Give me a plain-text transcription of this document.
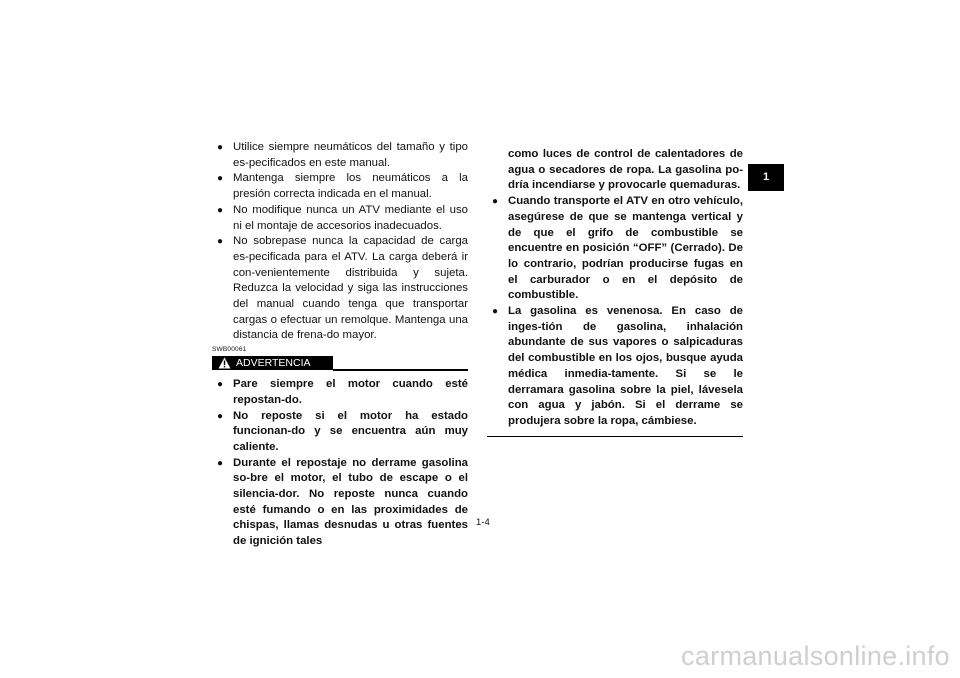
● Utilice siempre neumáticos del tamaño y tipo es-pecificados en este manual.
● Mantenga siempre los neumáticos a la presión correcta indicada en el manual.
● No modifique nunca un ATV mediante el uso ni el montaje de accesorios inadecuados.
● No sobrepase nunca la capacidad de carga es-pecificada para el ATV. La carga deberá ir con-venientemente distribuida y sujeta. Reduzca la velocidad y siga las instrucciones del manual cuando tenga que transportar cargas o efectuar un remolque. Mantenga una distancia de frena-do mayor.
SWB00061
ADVERTENCIA
● Pare siempre el motor cuando esté repostan-do.
● No reposte si el motor ha estado funcionan-do y se encuentra aún muy caliente.
● Durante el repostaje no derrame gasolina so-bre el motor, el tubo de escape o el silencia-dor. No reposte nunca cuando esté fumando o en las proximidades de chispas, llamas desnudas u otras fuentes de ignición tales
como luces de control de calentadores de agua o secadores de ropa. La gasolina po-dría incendiarse y provocarle quemaduras.
● Cuando transporte el ATV en otro vehículo, asegúrese de que se mantenga vertical y de que el grifo de combustible se encuentre en posición “OFF” (Cerrado). De lo contrario, podrían producirse fugas en el carburador o en el depósito de combustible.
● La gasolina es venenosa. En caso de inges-tión de gasolina, inhalación abundante de sus vapores o salpicaduras del combustible en los ojos, busque ayuda médica inmedia-tamente. Si se le derramara gasolina sobre la piel, lávesela con agua y jabón. Si el derrame se produjera sobre la ropa, cámbiese.
1
1-4
carmanualsonline.info
